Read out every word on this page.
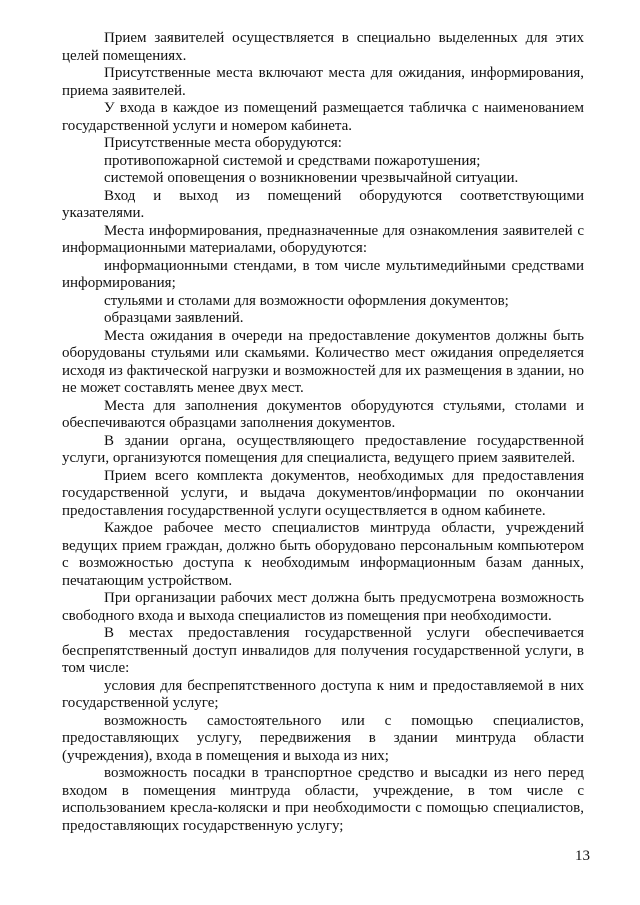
Прием заявителей осуществляется в специально выделенных для этих целей помещениях.

Присутственные места включают места для ожидания, информирования, приема заявителей.

У входа в каждое из помещений размещается табличка с наименованием государственной услуги и номером кабинета.

Присутственные места оборудуются:

противопожарной системой и средствами пожаротушения;

системой оповещения о возникновении чрезвычайной ситуации.

Вход и выход из помещений оборудуются соответствующими указателями.

Места информирования, предназначенные для ознакомления заявителей с информационными материалами, оборудуются:

информационными стендами, в том числе мультимедийными средствами информирования;

стульями и столами для возможности оформления документов;

образцами заявлений.

Места ожидания в очереди на предоставление документов должны быть оборудованы стульями или скамьями. Количество мест ожидания определяется исходя из фактической нагрузки и возможностей для их размещения в здании, но не может составлять менее двух мест.

Места для заполнения документов оборудуются стульями, столами и обеспечиваются образцами заполнения документов.

В здании органа, осуществляющего предоставление государственной услуги, организуются помещения для специалиста, ведущего прием заявителей.

Прием всего комплекта документов, необходимых для предоставления государственной услуги, и выдача документов/информации по окончании предоставления государственной услуги осуществляется в одном кабинете.

Каждое рабочее место специалистов минтруда области, учреждений ведущих прием граждан, должно быть оборудовано персональным компьютером с возможностью доступа к необходимым информационным базам данных, печатающим устройством.

При организации рабочих мест должна быть предусмотрена возможность свободного входа и выхода специалистов из помещения при необходимости.

В местах предоставления государственной услуги обеспечивается беспрепятственный доступ инвалидов для получения государственной услуги, в том числе:

условия для беспрепятственного доступа к ним и предоставляемой в них государственной услуге;

возможность самостоятельного или с помощью специалистов, предоставляющих услугу, передвижения в здании минтруда области (учреждения), входа в помещения и выхода из них;

возможность посадки в транспортное средство и высадки из него перед входом в помещения минтруда области, учреждение, в том числе с использованием кресла-коляски и при необходимости с помощью специалистов, предоставляющих государственную услугу;

13
